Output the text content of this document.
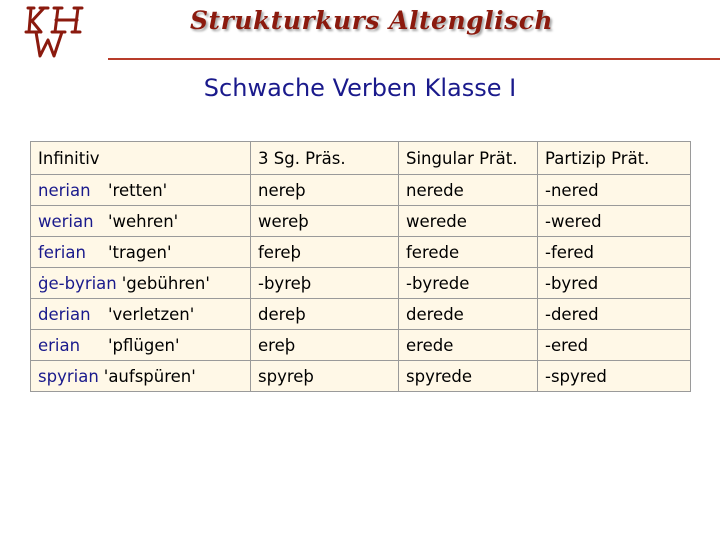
Strukturkurs Altenglisch
Schwache Verben Klasse I
Infinitiv	3 Sg. Präs.	Singular Prät.	Partizip Prät.
nerian 'retten'	nereþ	nerede	-nered
werian 'wehren'	wereþ	werede	-wered
ferian 'tragen'	fereþ	ferede	-fered
ġe-byrian 'gebühren'	-byreþ	-byrede	-byred
derian 'verletzen'	dereþ	derede	-dered
erian 'pflügen'	ereþ	erede	-ered
spyrian 'aufspüren'	spyreþ	spyrede	-spyred
